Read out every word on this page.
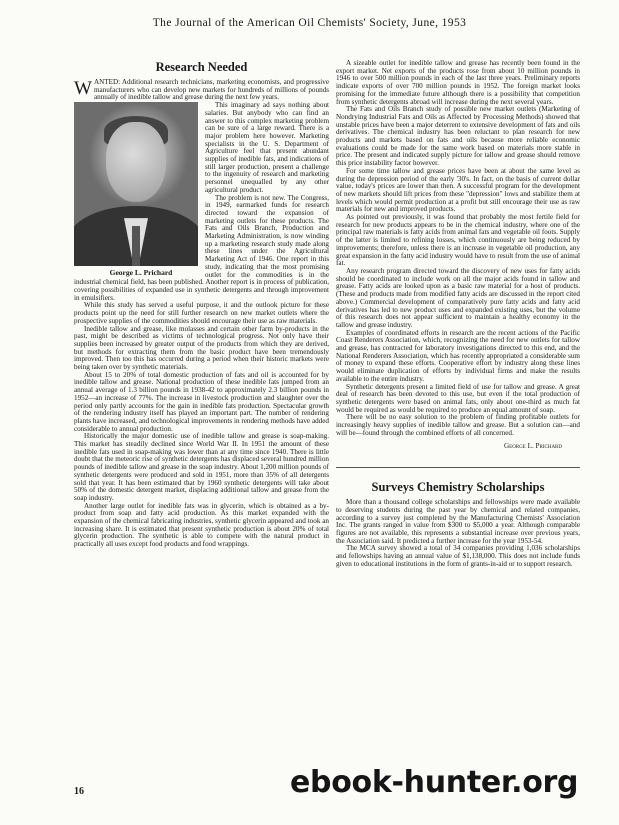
The Journal of the American Oil Chemists' Society, June, 1953
Research Needed

WANTED: Additional research technicians, marketing economists, and progressive manufacturers who can develop new markets for hundreds of millions of pounds annually of inedible tallow and grease during the next few years.

George L. Prichard
This imaginary ad says nothing about salaries. But anybody who can find an answer to this complex marketing problem can be sure of a large reward. There is a major problem here however. Marketing specialists in the U. S. Department of Agriculture feel that present abundant supplies of inedible fats, and indications of still larger production, present a challenge to the ingenuity of research and marketing personnel unequalled by any other agricultural product.

The problem is not new. The Congress, in 1949, earmarked funds for research directed toward the expansion of marketing outlets for these products. The Fats and Oils Branch, Production and Marketing Administration, is now winding up a marketing research study made along these lines under the Agricultural Marketing Act of 1946. One report in this study, indicating that the most promising outlet for the commodities is in the industrial chemical field, has been published. Another report is in process of publication, covering possibilities of expanded use in synthetic detergents and through improvement in emulsifiers.

While this study has served a useful purpose, it and the outlook picture for these products point up the need for still further research on new market outlets where the prospective supplies of the commodities should encourage their use as raw materials.

Inedible tallow and grease, like molasses and certain other farm by-products in the past, might be described as victims of technological progress. Not only have their supplies been increased by greater output of the products from which they are derived, but methods for extracting them from the basic product have been tremendously improved. Then too this has occurred during a period when their historic markets were being taken over by synthetic materials.

About 15 to 20% of total domestic production of fats and oil is accounted for by inedible tallow and grease. National production of these inedible fats jumped from an annual average of 1.3 billion pounds in 1938-42 to approximately 2.3 billion pounds in 1952—an increase of 77%. The increase in livestock production and slaughter over the period only partly accounts for the gain in inedible fats production. Spectacular growth of the rendering industry itself has played an important part. The number of rendering plants have increased, and technological improvements in rendering methods have added considerable to annual production.

Historically the major domestic use of inedible tallow and grease is soap-making. This market has steadily declined since World War II. In 1951 the amount of these inedible fats used in soap-making was lower than at any time since 1940. There is little doubt that the meteoric rise of synthetic detergents has displaced several hundred million pounds of inedible tallow and grease in the soap industry. About 1,200 million pounds of synthetic detergents were produced and sold in 1951, more than 35% of all detergents sold that year. It has been estimated that by 1960 synthetic detergents will take about 50% of the domestic detergent market, displacing additional tallow and grease from the soap industry.

Another large outlet for inedible fats was in glycerin, which is obtained as a by-product from soap and fatty acid production. As this market expanded with the expansion of the chemical fabricating industries, synthetic glycerin appeared and took an increasing share. It is estimated that present synthetic production is about 20% of total glycerin production. The synthetic is able to compete with the natural product in practically all uses except food products and food wrappings.

A sizeable outlet for inedible tallow and grease has recently been found in the export market. Net exports of the products rose from about 10 million pounds in 1946 to over 500 million pounds in each of the last three years. Preliminary reports indicate exports of over 700 million pounds in 1952. The foreign market looks promising for the immediate future although there is a possibility that competition from synthetic detergents abroad will increase during the next several years.

The Fats and Oils Branch study of possible new market outlets (Marketing of Nondrying Industrial Fats and Oils as Affected by Processing Methods) showed that unstable prices have been a major deterrent to extensive development of fats and oils derivatives. The chemical industry has been reluctant to plan research for new products and markets based on fats and oils because more reliable economic evaluations could be made for the same work based on materials more stable in price. The present and indicated supply picture for tallow and grease should remove this price instability factor however.

For some time tallow and grease prices have been at about the same level as during the depression period of the early '30's. In fact, on the basis of current dollar value, today's prices are lower than then. A successful program for the development of new markets should lift prices from these "depression" lows and stabilize them at levels which would permit production at a profit but still encourage their use as raw materials for new and improved products.

As pointed out previously, it was found that probably the most fertile field for research for new products appears to be in the chemical industry, where one of the principal raw materials is fatty acids from animal fats and vegetable oil foots. Supply of the latter is limited to refining losses, which continuously are being reduced by improvements; therefore, unless there is an increase in vegetable oil production, any great expansion in the fatty acid industry would have to result from the use of animal fat.

Any research program directed toward the discovery of new uses for fatty acids should be coordinated to include work on all the major acids found in tallow and grease. Fatty acids are looked upon as a basic raw material for a host of products. (These and products made from modified fatty acids are discussed in the report cited above.) Commercial development of comparatively pure fatty acids and fatty acid derivatives has led to new product uses and expanded existing uses, but the volume of this research does not appear sufficient to maintain a healthy economy in the tallow and grease industry.

Examples of coordinated efforts in research are the recent actions of the Pacific Coast Renderers Association, which, recognizing the need for new outlets for tallow and grease, has contracted for laboratory investigations directed to this end, and the National Renderers Association, which has recently appropriated a considerable sum of money to expand these efforts. Cooperative effort by industry along these lines would eliminate duplication of efforts by individual firms and make the results available to the entire industry.

Synthetic detergents present a limited field of use for tallow and grease. A great deal of research has been devoted to this use, but even if the total production of synthetic detergents were based on animal fats, only about one-third as much fat would be required as would be required to produce an equal amount of soap.

There will be no easy solution to the problem of finding profitable outlets for increasingly heavy supplies of inedible tallow and grease. But a solution can—and will be—found through the combined efforts of all concerned.

George L. Prichard

Surveys Chemistry Scholarships

More than a thousand college scholarships and fellowships were made available to deserving students during the past year by chemical and related companies, according to a survey just completed by the Manufacturing Chemists' Association Inc. The grants ranged in value from $300 to $5,000 a year. Although comparable figures are not available, this represents a substantial increase over previous years, the Association said. It predicted a further increase for the year 1953-54.

The MCA survey showed a total of 34 companies providing 1,036 scholarships and fellowships having an annual value of $1,138,000. This does not include funds given to educational institutions in the form of grants-in-aid or to support research.

16	ebook-hunter.org
